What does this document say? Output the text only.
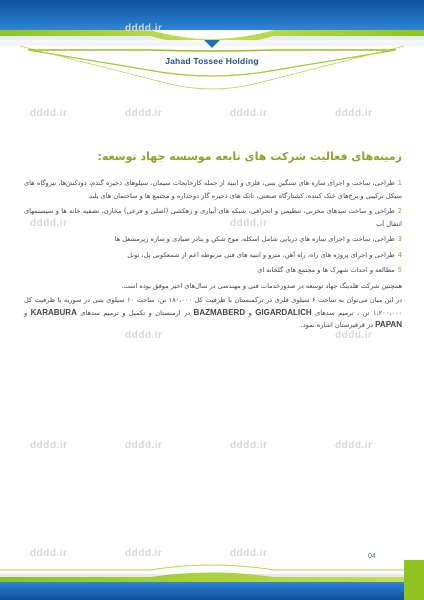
Jahad Tossee Holding
dddd.ir
dddd.ir	dddd.ir	dddd.ir	dddd.ir
dddd.ir	dddd.ir
dddd.ir	dddd.ir
dddd.ir	dddd.ir	dddd.ir	dddd.ir
dddd.ir	dddd.ir	dddd.ir
زمینه‌های فعالیت شرکت های تابعه موسسه جهاد توسعه:
1طراحی، ساخت و اجرای سازه های سنگین بتنی، فلزی و ابنیه از جمله کارخانجات سیمان، سیلوهای ذخیره گندم، دودکش‌ها، نیروگاه های سیکل ترکیبی و برج‌های خنک کننده، کشتارگاه صنعتی، تانک های ذخیره گاز دوجداره و مجتمع ها و ساختمان های بلند
2طراحی و ساخت سدهای مخزنی، تنظیمی و انحرافی، شبکه های آبیاری و زهکشی (اصلی و فرعی) مخازن، تصفیه خانه ها و سیستمهای انتقال آب
3طراحی، ساخت و اجرای سازه های دریایی شامل اسکله، موج شکن و بنادر صیادی و سازه زیرمشغل ها
4طراحی و اجرای پروژه های راه، راه آهن، مترو و ابنیه های فنی مربوطه اعم از شمعکوبی پل، تونل
5مطالعه و احداث شهرک ها و مجتمع های گلخانه ای
همچنین شرکت هلدینگ جهاد توسعه در صدورخدمات فنی و مهندسی در سال‌های اخیر موفق بوده است.
در این میان می‌توان به ساخت ۶ سیلوی فلزی در ترکمنستان با ظرفیت کل ۱۸۰،۰۰۰ تن، ساخت ۱۰ سیلوی بتنی در سوریه با ظرفیت کل ۱،۲۰۰،۰۰۰ تن ، ترمیم سدهای GIGARDALICH و BAZMABERD در ارمنستان و تکمیل و ترمیم سدهای KARABURA و PAPAN در قرقیزستان اشاره نمود.
04
